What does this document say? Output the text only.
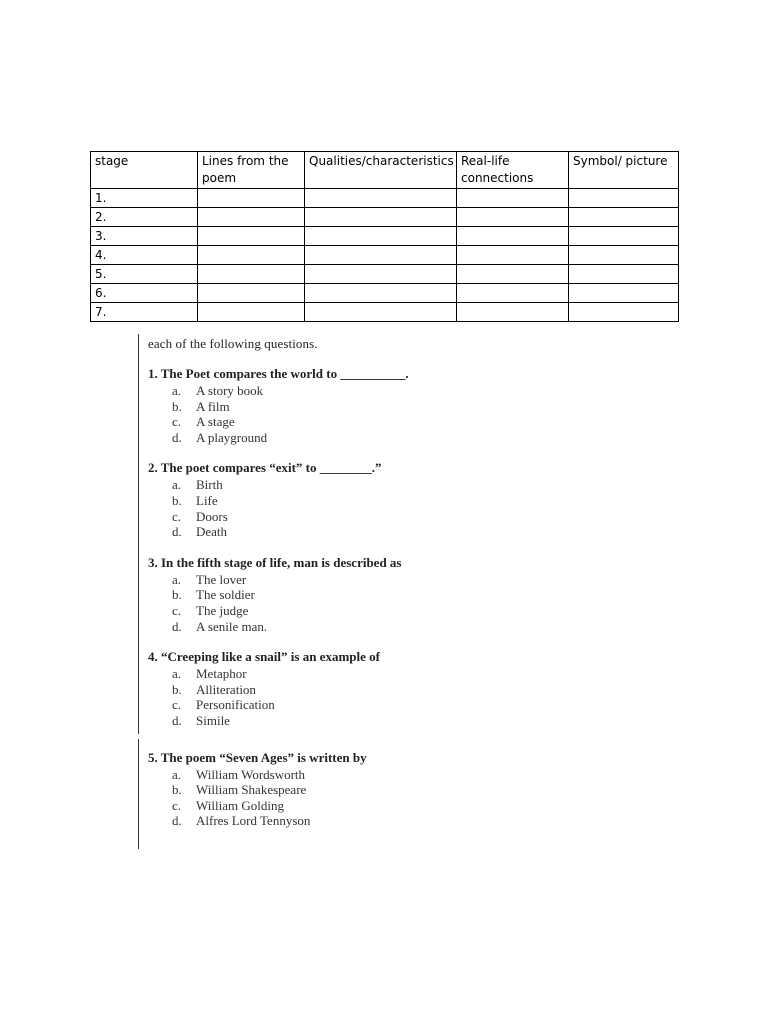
stage	Lines from the poem	Qualities/characteristics	Real-life connections	Symbol/ picture
1.				
2.				
3.				
4.				
5.				
6.				
7.				

each of the following questions.

1. The Poet compares the world to __________.

a.	A story book
b.	A film
c.	A stage
d.	A playground

2. The poet compares “exit” to ________.”

a.	Birth
b.	Life
c.	Doors
d.	Death

3. In the fifth stage of life, man is described as

a.	The lover
b.	The soldier
c.	The judge
d.	A senile man.

4. “Creeping like a snail” is an example of

a.	Metaphor
b.	Alliteration
c.	Personification
d.	Simile

5. The poem “Seven Ages” is written by

a.	William Wordsworth
b.	William Shakespeare
c.	William Golding
d.	Alfres Lord Tennyson
